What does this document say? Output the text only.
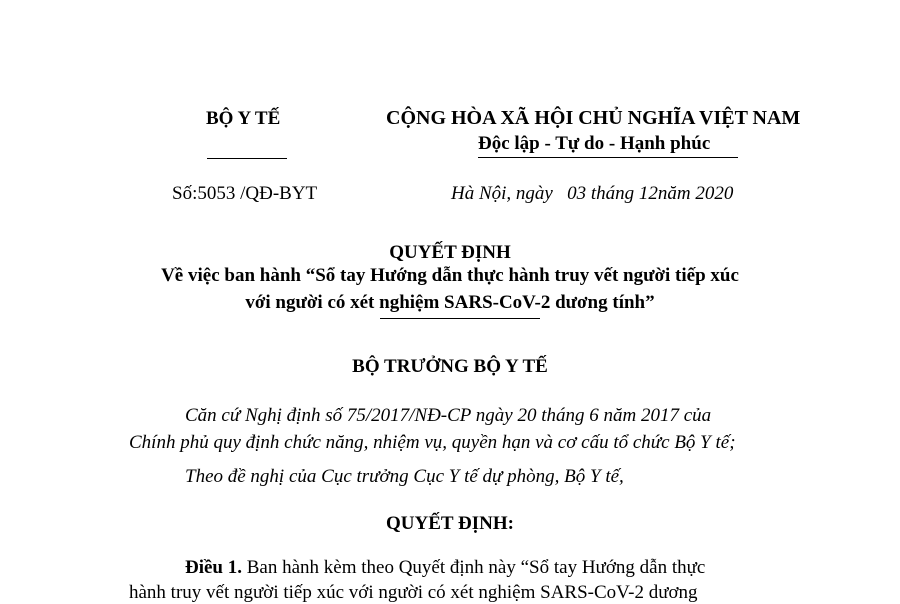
BỘ Y TẾ	CỘNG HÒA XÃ HỘI CHỦ NGHĨA VIỆT NAM
Độc lập - Tự do - Hạnh phúc
Số:5053 /QĐ-BYT	Hà Nội, ngày   03 tháng 12năm 2020
QUYẾT ĐỊNH
Về việc ban hành “Sổ tay Hướng dẫn thực hành truy vết người tiếp xúc
với người có xét nghiệm SARS-CoV-2 dương tính”
BỘ TRƯỞNG BỘ Y TẾ
Căn cứ Nghị định số 75/2017/NĐ-CP ngày 20 tháng 6 năm 2017 của
Chính phủ quy định chức năng, nhiệm vụ, quyền hạn và cơ cấu tổ chức Bộ Y tế;
Theo đề nghị của Cục trưởng Cục Y tế dự phòng, Bộ Y tế,
QUYẾT ĐỊNH:
Điều 1. Ban hành kèm theo Quyết định này “Sổ tay Hướng dẫn thực
hành truy vết người tiếp xúc với người có xét nghiệm SARS-CoV-2 dương
